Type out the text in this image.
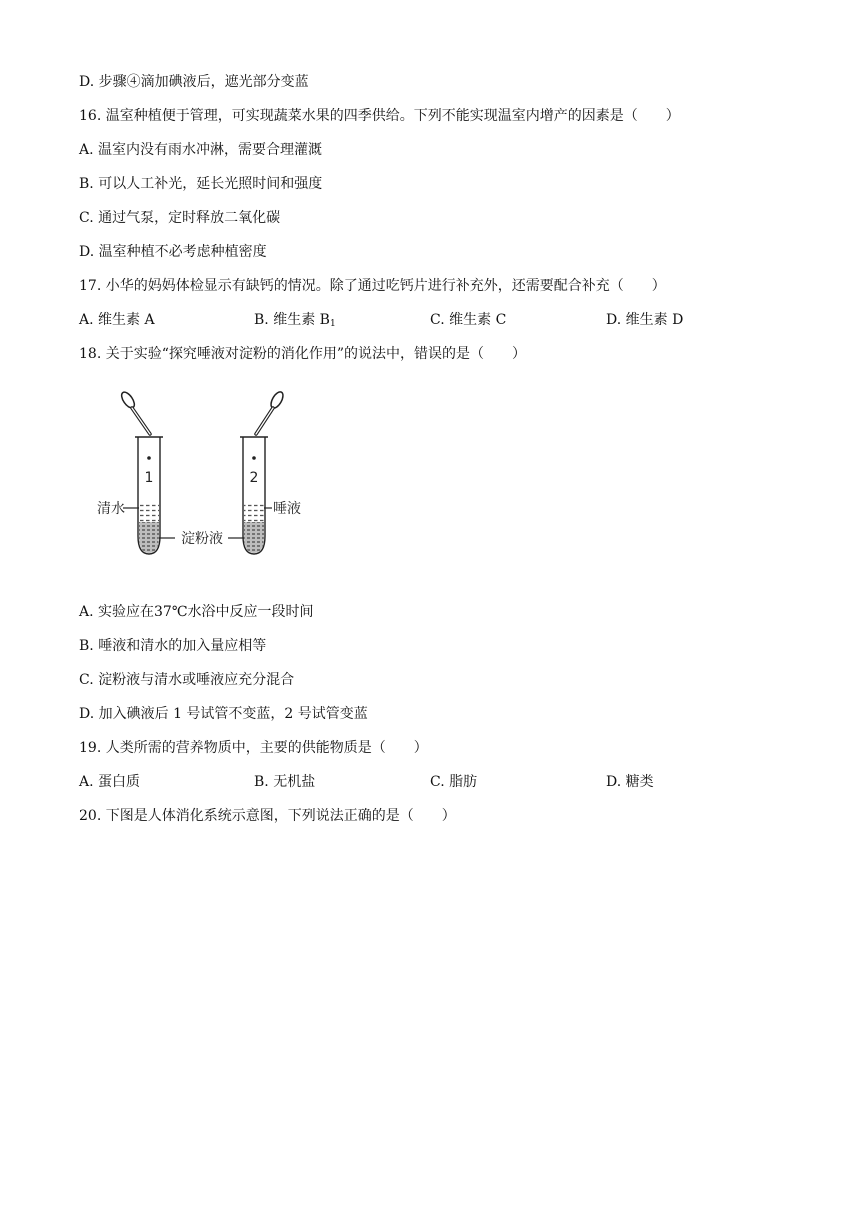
D. 步骤④滴加碘液后，遮光部分变蓝
16. 温室种植便于管理，可实现蔬菜水果的四季供给。下列不能实现温室内增产的因素是（　　）
A. 温室内没有雨水冲淋，需要合理灌溉
B. 可以人工补光，延长光照时间和强度
C. 通过气泵，定时释放二氧化碳
D. 温室种植不必考虑种植密度
17. 小华的妈妈体检显示有缺钙的情况。除了通过吃钙片进行补充外，还需要配合补充（　　）
A. 维生素 A	B. 维生素 $B_1$	C. 维生素 C	D. 维生素 D
18. 关于实验“探究唾液对淀粉的消化作用”的说法中，错误的是（　　）
1	2
清水	唾液
淀粉液
A. 实验应在37℃水浴中反应一段时间
B. 唾液和清水的加入量应相等
C. 淀粉液与清水或唾液应充分混合
D. 加入碘液后 1 号试管不变蓝，2 号试管变蓝
19. 人类所需的营养物质中，主要的供能物质是（　　）
A. 蛋白质	B. 无机盐	C. 脂肪	D. 糖类
20. 下图是人体消化系统示意图，下列说法正确的是（　　）
